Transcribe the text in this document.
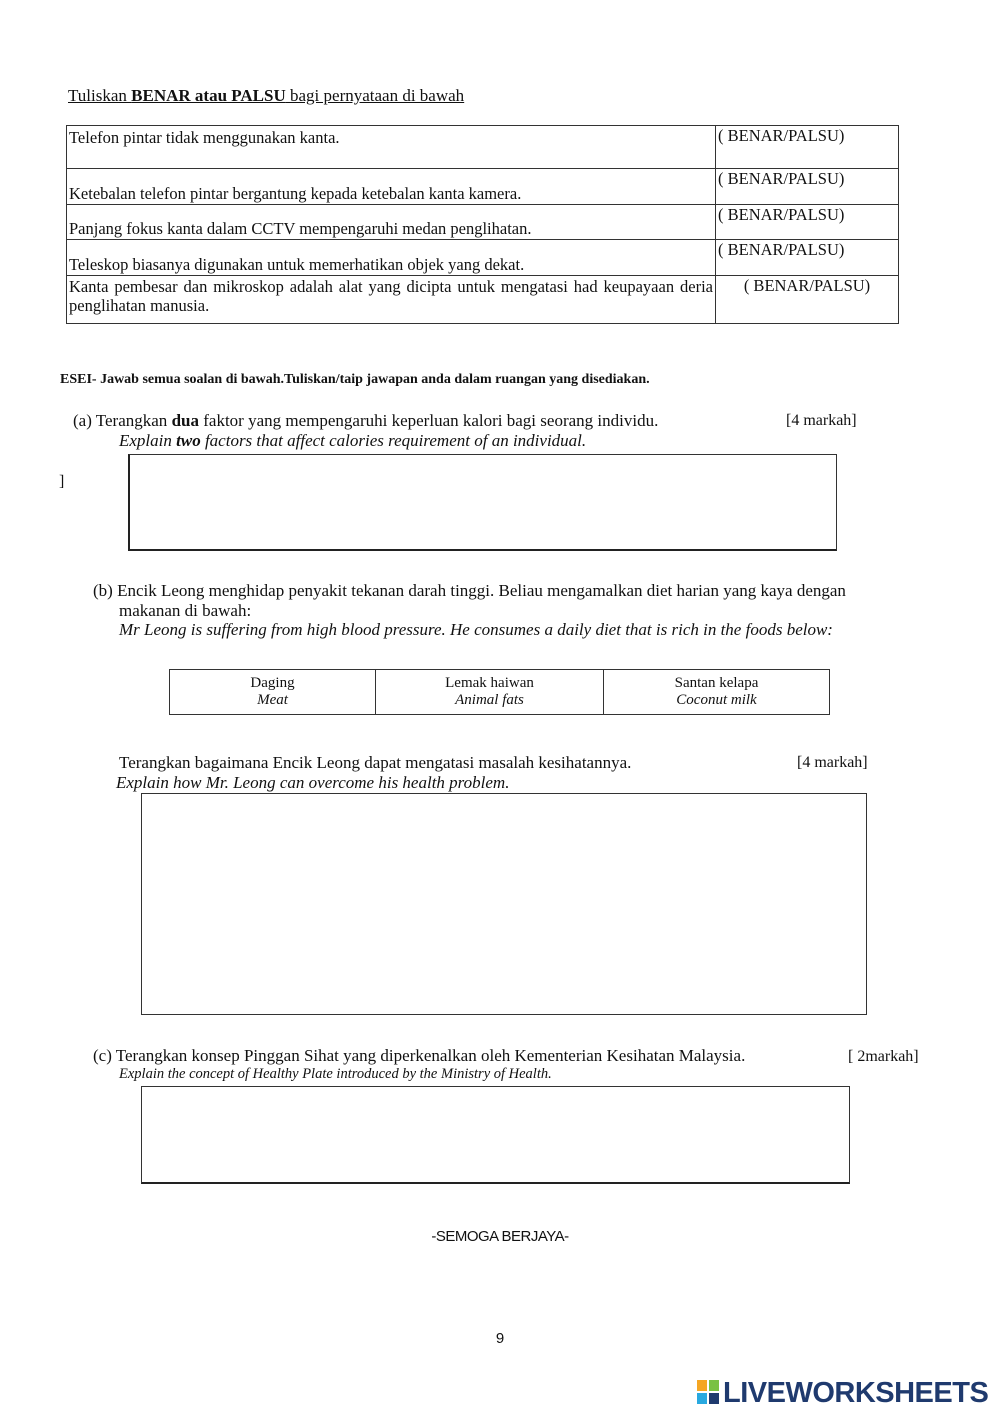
Tuliskan BENAR atau PALSU bagi pernyataan di bawah
Telefon pintar tidak menggunakan kanta.	( BENAR/PALSU)
Ketebalan telefon pintar bergantung kepada ketebalan kanta kamera.	( BENAR/PALSU)
Panjang fokus kanta dalam CCTV mempengaruhi medan penglihatan.	( BENAR/PALSU)
Teleskop biasanya digunakan untuk memerhatikan objek yang dekat.	( BENAR/PALSU)
Kanta pembesar dan mikroskop adalah alat yang dicipta untuk mengatasi had keupayaan deria penglihatan manusia.	( BENAR/PALSU)
ESEI- Jawab semua soalan di bawah.Tuliskan/taip jawapan anda dalam ruangan yang disediakan.
(a) Terangkan dua faktor yang mempengaruhi keperluan kalori bagi seorang individu.	[4 markah]
Explain two factors that affect calories requirement of an individual.
]
(b) Encik Leong menghidap penyakit tekanan darah tinggi. Beliau mengamalkan diet harian yang kaya dengan
makanan di bawah:
Mr Leong is suffering from high blood pressure. He consumes a daily diet that is rich in the foods below:
Daging
Meat

Lemak haiwan
Animal fats

Santan kelapa
Coconut milk
Terangkan bagaimana Encik Leong dapat mengatasi masalah kesihatannya.	[4 markah]
Explain how Mr. Leong can overcome his health problem.
(c) Terangkan konsep Pinggan Sihat yang diperkenalkan oleh Kementerian Kesihatan Malaysia.	[ 2markah]
Explain the concept of Healthy Plate introduced by the Ministry of Health.
-SEMOGA BERJAYA-
9
LIVEWORKSHEETS
